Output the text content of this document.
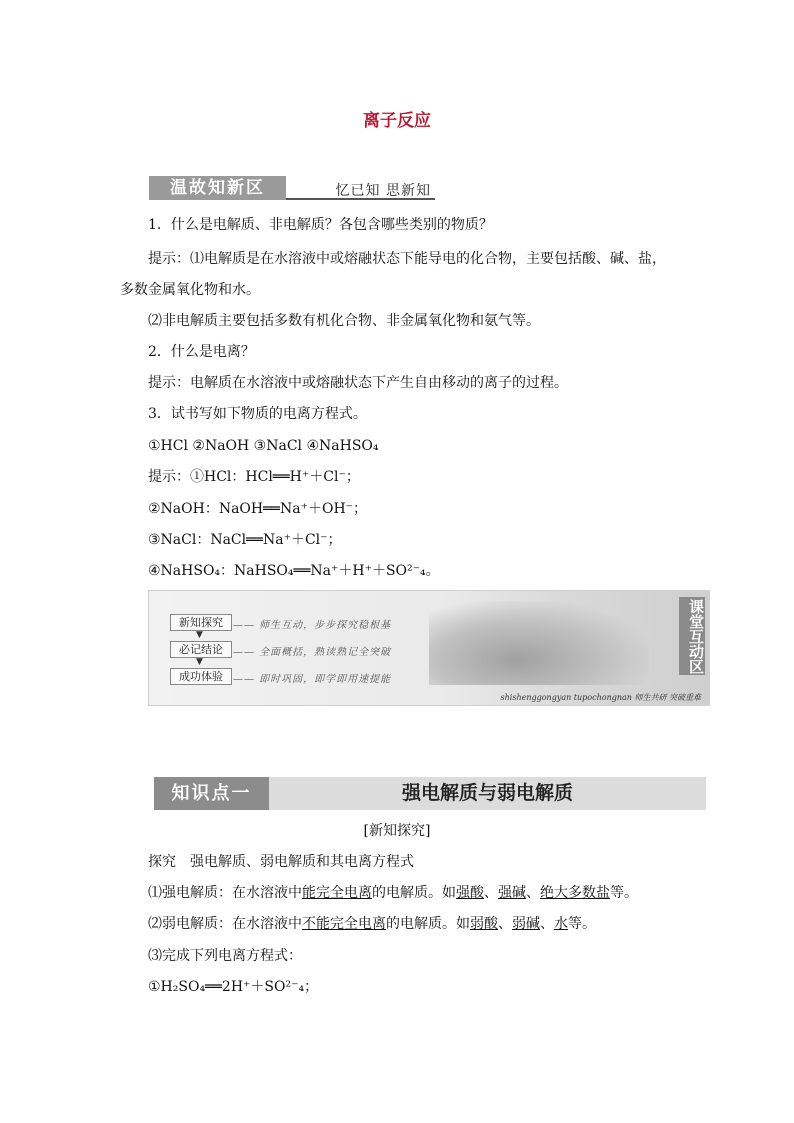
离子反应
温故知新区	忆已知 思新知
1．什么是电解质、非电解质？各包含哪些类别的物质？
提示：⑴电解质是在水溶液中或熔融状态下能导电的化合物，主要包括酸、碱、盐，
多数金属氧化物和水。
⑵非电解质主要包括多数有机化合物、非金属氧化物和氨气等。
2．什么是电离？
提示：电解质在水溶液中或熔融状态下产生自由移动的离子的过程。
3．试书写如下物质的电离方程式。
①HCl ②NaOH ③NaCl ④NaHSO₄
提示：①HCl：HCl══H⁺＋Cl⁻；
②NaOH：NaOH══Na⁺＋OH⁻；
③NaCl：NaCl══Na⁺＋Cl⁻；
④NaHSO₄：NaHSO₄══Na⁺＋H⁺＋SO²⁻₄。
新知探究	—— 师生互动，步步探究稳根基
▼
必记结论	—— 全面概括，熟读熟记全突破
▼
成功体验	—— 即时巩固，即学即用速提能
课堂互动区
shishenggongyan tupochongnan 师生共研 突破重难
知识点一	强电解质与弱电解质
[新知探究]
探究　强电解质、弱电解质和其电离方程式
⑴强电解质：在水溶液中能完全电离的电解质。如强酸、强碱、绝大多数盐等。
⑵弱电解质：在水溶液中不能完全电离的电解质。如弱酸、弱碱、水等。
⑶完成下列电离方程式：
①H₂SO₄══2H⁺＋SO²⁻₄；
